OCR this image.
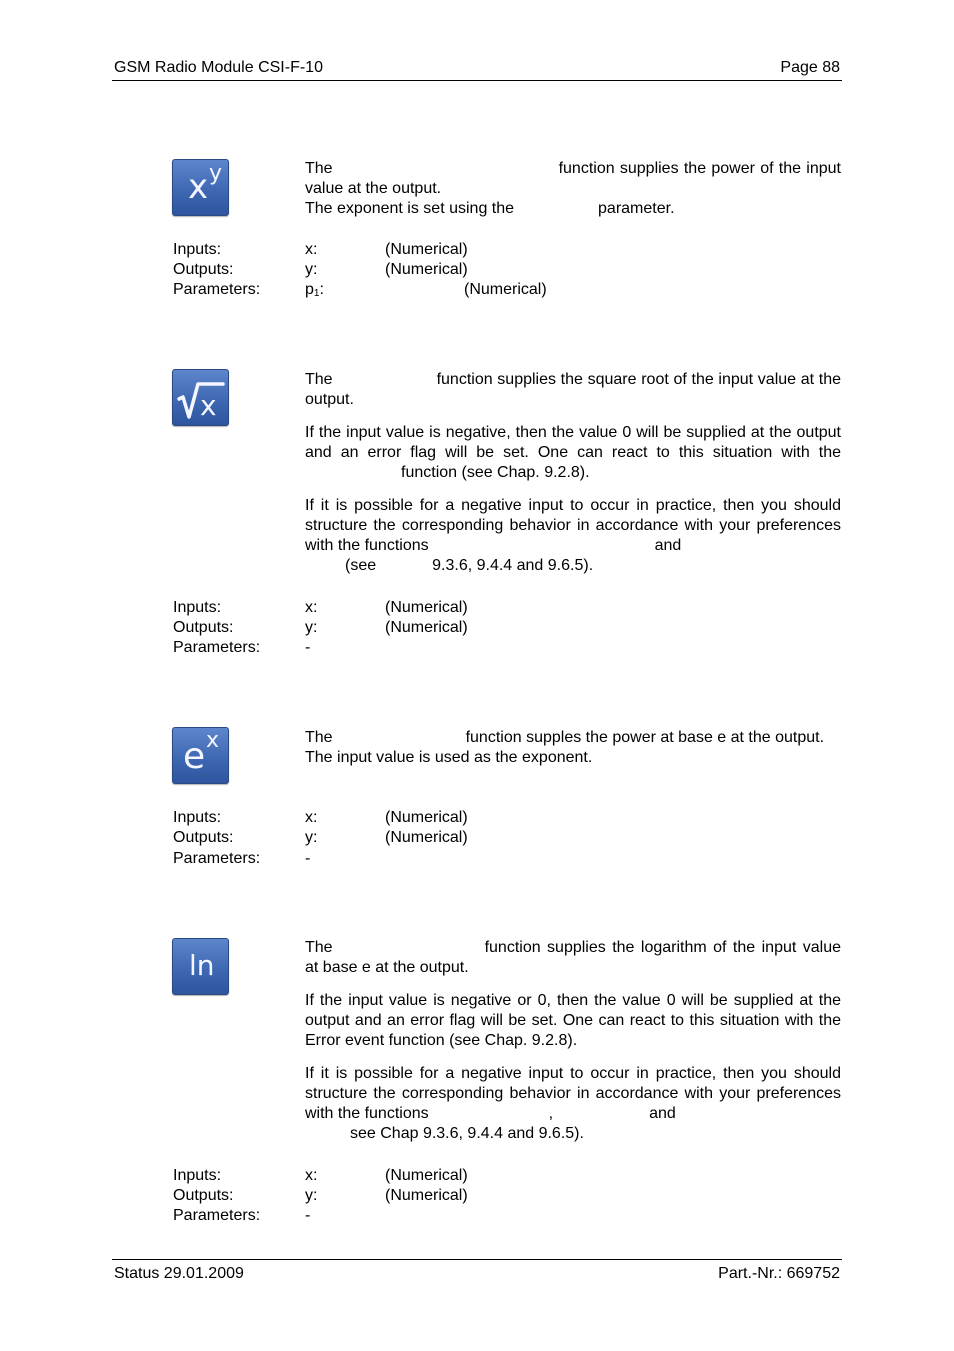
GSM Radio Module CSI-F-10	Page 88
x y	The	function supplies the power of the input value at the output.

The exponent is set using the	parameter.

Inputs:	x:	(Numerical)
Outputs:	y:	(Numerical)
Parameters:	$p_1$:	(Numerical)
x

The	function supplies the square root of the input value at the output.

If the input value is negative, then the value 0 will be supplied at the output and an error flag will be set. One can react to this situation with thefunction (see Chap. 9.2.8).

If it is possible for a negative input to occur in practice, then you should structure the corresponding behavior in accordance with your preferences with the functions	and
(see	9.3.6, 9.4.4 and 9.6.5).

Inputs:	x:	(Numerical)
Outputs:	y:	(Numerical)
Parameters:	-
e x	The	function supples the power at base e at the output.

The input value is used as the exponent.

Inputs:	x:	(Numerical)
Outputs:	y:	(Numerical)
Parameters:	-
ln

The	function supplies the logarithm of the input value at base e at the output.

If the input value is negative or 0, then the value 0 will be supplied at the output and an error flag will be set. One can react to this situation with the Error event function (see Chap. 9.2.8).

If it is possible for a negative input to occur in practice, then you should structure the corresponding behavior in accordance with your preferences with the functions	,	and
see Chap 9.3.6, 9.4.4 and 9.6.5).

Inputs:	x:	(Numerical)
Outputs:	y:	(Numerical)
Parameters:	-
Status 29.01.2009	Part.-Nr.: 669752
